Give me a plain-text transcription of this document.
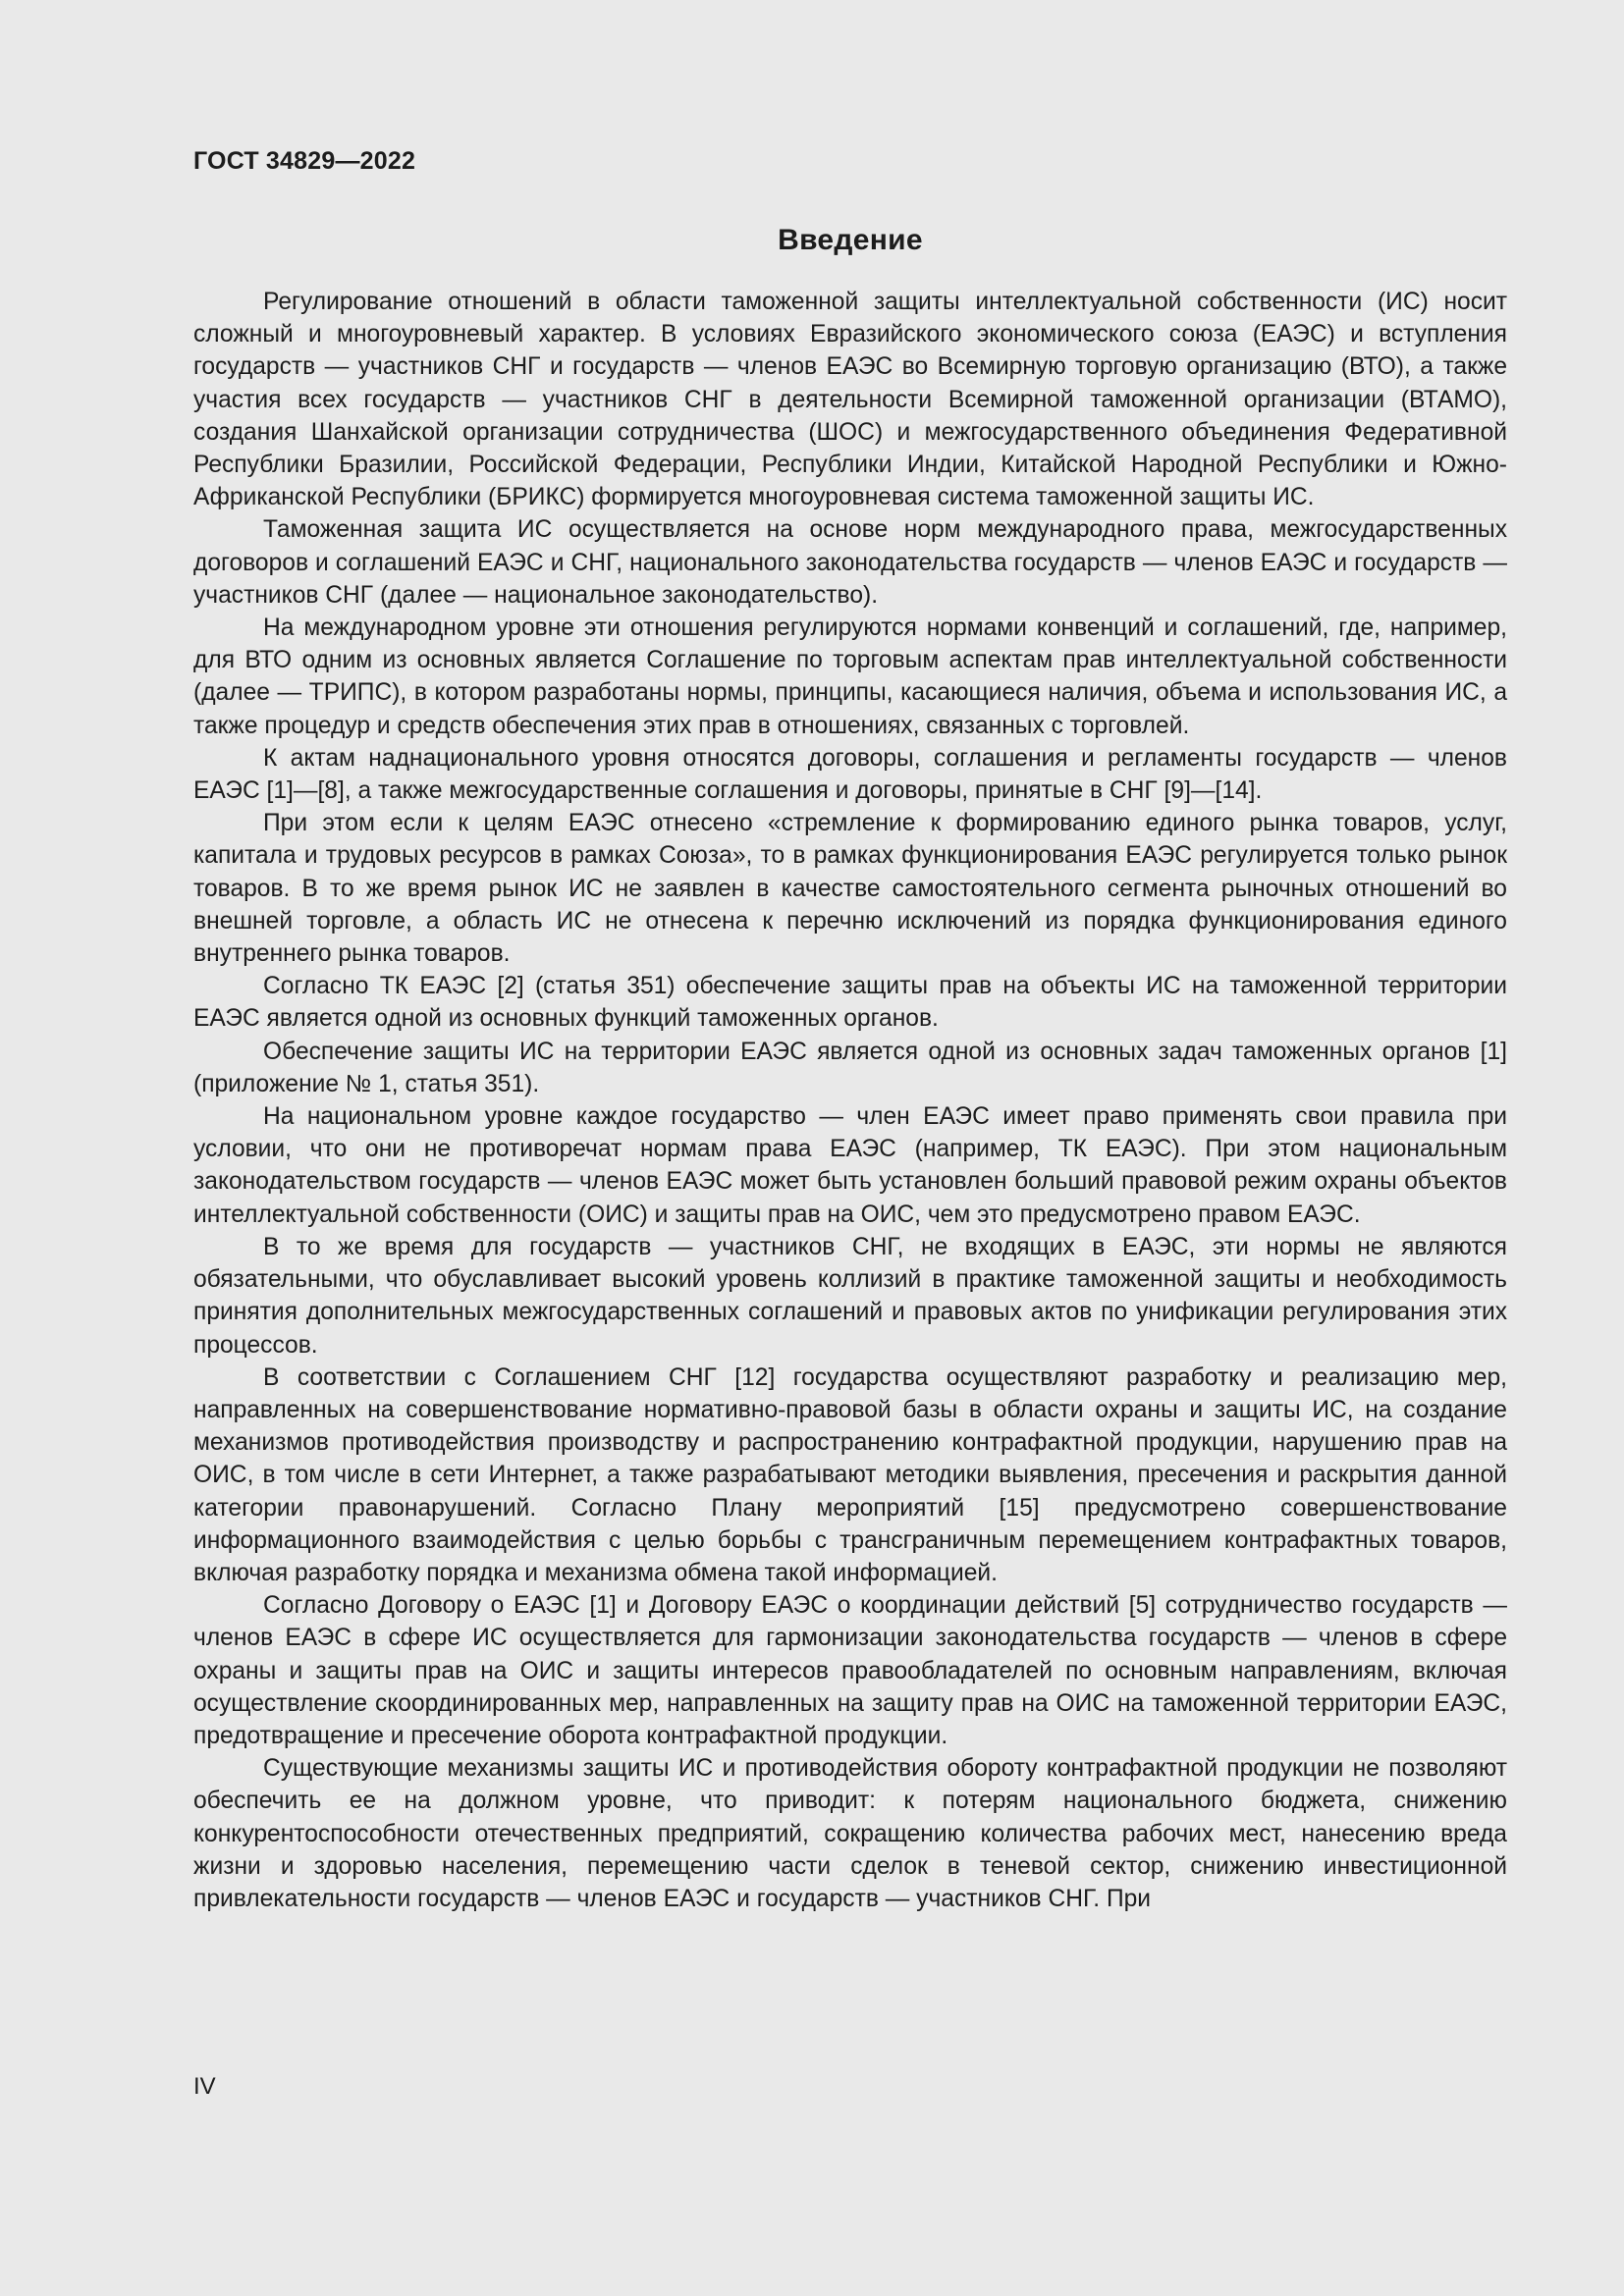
ГОСТ 34829—2022

Введение

Регулирование отношений в области таможенной защиты интеллектуальной собственности (ИС) носит сложный и многоуровневый характер. В условиях Евразийского экономического союза (ЕАЭС) и вступления государств — участников СНГ и государств — членов ЕАЭС во Всемирную торговую организацию (ВТО), а также участия всех государств — участников СНГ в деятельности Всемирной таможенной организации (ВТАМО), создания Шанхайской организации сотрудничества (ШОС) и межгосударственного объединения Федеративной Республики Бразилии, Российской Федерации, Республики Индии, Китайской Народной Республики и Южно-Африканской Республики (БРИКС) формируется многоуровневая система таможенной защиты ИС.

Таможенная защита ИС осуществляется на основе норм международного права, межгосударственных договоров и соглашений ЕАЭС и СНГ, национального законодательства государств — членов ЕАЭС и государств — участников СНГ (далее — национальное законодательство).

На международном уровне эти отношения регулируются нормами конвенций и соглашений, где, например, для ВТО одним из основных является Соглашение по торговым аспектам прав интеллектуальной собственности (далее — ТРИПС), в котором разработаны нормы, принципы, касающиеся наличия, объема и использования ИС, а также процедур и средств обеспечения этих прав в отношениях, связанных с торговлей.

К актам наднационального уровня относятся договоры, соглашения и регламенты государств — членов ЕАЭС [1]—[8], а также межгосударственные соглашения и договоры, принятые в СНГ [9]—[14].

При этом если к целям ЕАЭС отнесено «стремление к формированию единого рынка товаров, услуг, капитала и трудовых ресурсов в рамках Союза», то в рамках функционирования ЕАЭС регулируется только рынок товаров. В то же время рынок ИС не заявлен в качестве самостоятельного сегмента рыночных отношений во внешней торговле, а область ИС не отнесена к перечню исключений из порядка функционирования единого внутреннего рынка товаров.

Согласно ТК ЕАЭС [2] (статья 351) обеспечение защиты прав на объекты ИС на таможенной территории ЕАЭС является одной из основных функций таможенных органов.

Обеспечение защиты ИС на территории ЕАЭС является одной из основных задач таможенных органов [1] (приложение № 1, статья 351).

На национальном уровне каждое государство — член ЕАЭС имеет право применять свои правила при условии, что они не противоречат нормам права ЕАЭС (например, ТК ЕАЭС). При этом национальным законодательством государств — членов ЕАЭС может быть установлен больший правовой режим охраны объектов интеллектуальной собственности (ОИС) и защиты прав на ОИС, чем это предусмотрено правом ЕАЭС.

В то же время для государств — участников СНГ, не входящих в ЕАЭС, эти нормы не являются обязательными, что обуславливает высокий уровень коллизий в практике таможенной защиты и необходимость принятия дополнительных межгосударственных соглашений и правовых актов по унификации регулирования этих процессов.

В соответствии с Соглашением СНГ [12] государства осуществляют разработку и реализацию мер, направленных на совершенствование нормативно-правовой базы в области охраны и защиты ИС, на создание механизмов противодействия производству и распространению контрафактной продукции, нарушению прав на ОИС, в том числе в сети Интернет, а также разрабатывают методики выявления, пресечения и раскрытия данной категории правонарушений. Согласно Плану мероприятий [15] предусмотрено совершенствование информационного взаимодействия с целью борьбы с трансграничным перемещением контрафактных товаров, включая разработку порядка и механизма обмена такой информацией.

Согласно Договору о ЕАЭС [1] и Договору ЕАЭС о координации действий [5] сотрудничество государств — членов ЕАЭС в сфере ИС осуществляется для гармонизации законодательства государств — членов в сфере охраны и защиты прав на ОИС и защиты интересов правообладателей по основным направлениям, включая осуществление скоординированных мер, направленных на защиту прав на ОИС на таможенной территории ЕАЭС, предотвращение и пресечение оборота контрафактной продукции.

Существующие механизмы защиты ИС и противодействия обороту контрафактной продукции не позволяют обеспечить ее на должном уровне, что приводит: к потерям национального бюджета, снижению конкурентоспособности отечественных предприятий, сокращению количества рабочих мест, нанесению вреда жизни и здоровью населения, перемещению части сделок в теневой сектор, снижению инвестиционной привлекательности государств — членов ЕАЭС и государств — участников СНГ. При

IV
